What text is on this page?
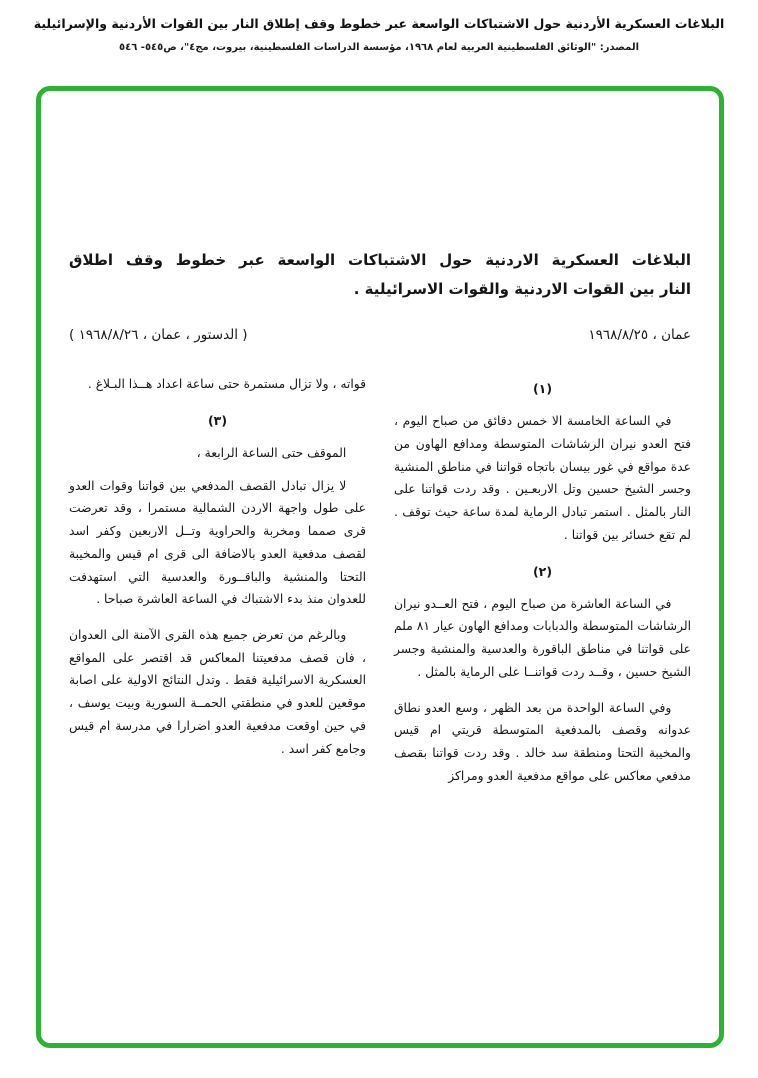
البلاغات العسكرية الأردنية حول الاشتباكات الواسعة عبر خطوط وقف إطلاق النار بين القوات الأردنية والإسرائيلية
المصدر: "الوثائق الفلسطينية العربية لعام ١٩٦٨، مؤسسة الدراسات الفلسطينية، بيروت، مج٤"، ص٥٤٥- ٥٤٦
البلاغات العسكرية الاردنية حول الاشتباكات الواسعة عبر خطوط وقف اطلاق
النار بين القوات الاردنية والقوات الاسرائيلية .
عمان ، ١٩٦٨/٨/٢٥
( الدستور ، عمان ، ١٩٦٨/٨/٢٦ )
(١)

في الساعة الخامسة الا خمس دقائق من صباح اليوم ، فتح العدو نيران الرشاشات المتوسطة ومدافع الهاون من عدة مواقع في غور بيسان باتجاه قواتنا في مناطق المنشية وجسر الشيخ حسين وتل الاربعـين . وقد ردت قواتنا على النار بالمثل . استمر تبادل الرماية لمدة ساعة حيث توقف . لم تقع خسائر بين قواتنا .

(٢)

في الساعة العاشرة من صباح اليوم ، فتح العــدو نيران الرشاشات المتوسطة والدبابات ومدافع الهاون عيار ٨١ ملم على قواتنا في مناطق الباقورة والعدسية والمنشية وجسر الشيخ حسين ، وقــد ردت قواتنــا على الرماية بالمثل .

وفي الساعة الواحدة من بعد الظهر ، وسع العدو نطاق عدوانه وقصف بالمدفعية المتوسطة قريتي ام قيس والمخيبة التحتا ومنطقة سد خالد . وقد ردت قواتنا بقصف مدفعي معاكس على مواقع مدفعية العدو ومراكز

قواته ، ولا تزال مستمرة حتى ساعة اعداد هــذا البـلاغ .

(٣)

الموقف حتى الساعة الرابعة ،

لا يزال تبادل القصف المدفعي بين قواتنا وقوات العدو على طول واجهة الاردن الشمالية مستمرا ، وقد تعرضت قرى صمما ومخربة والحراوية وتــل الاربعين وكفر اسد لقصف مدفعية العدو بالاضافة الى قرى ام قيس والمخيبة التحتا والمنشية والباقــورة والعدسية التي استهدفت للعدوان منذ بدء الاشتباك في الساعة العاشرة صباحا .

وبالرغم من تعرض جميع هذه القرى الآمنة الى العدوان ، فان قصف مدفعيتنا المعاكس قد اقتصر على المواقع العسكرية الاسرائيلية فقط . وتدل النتائج الاولية على اصابة موقعين للعدو في منطقتي الحمــة السورية وبيت يوسف ، في حين اوقعت مدفعية العدو اضرارا في مدرسة ام قيس وجامع كفر اسد .
